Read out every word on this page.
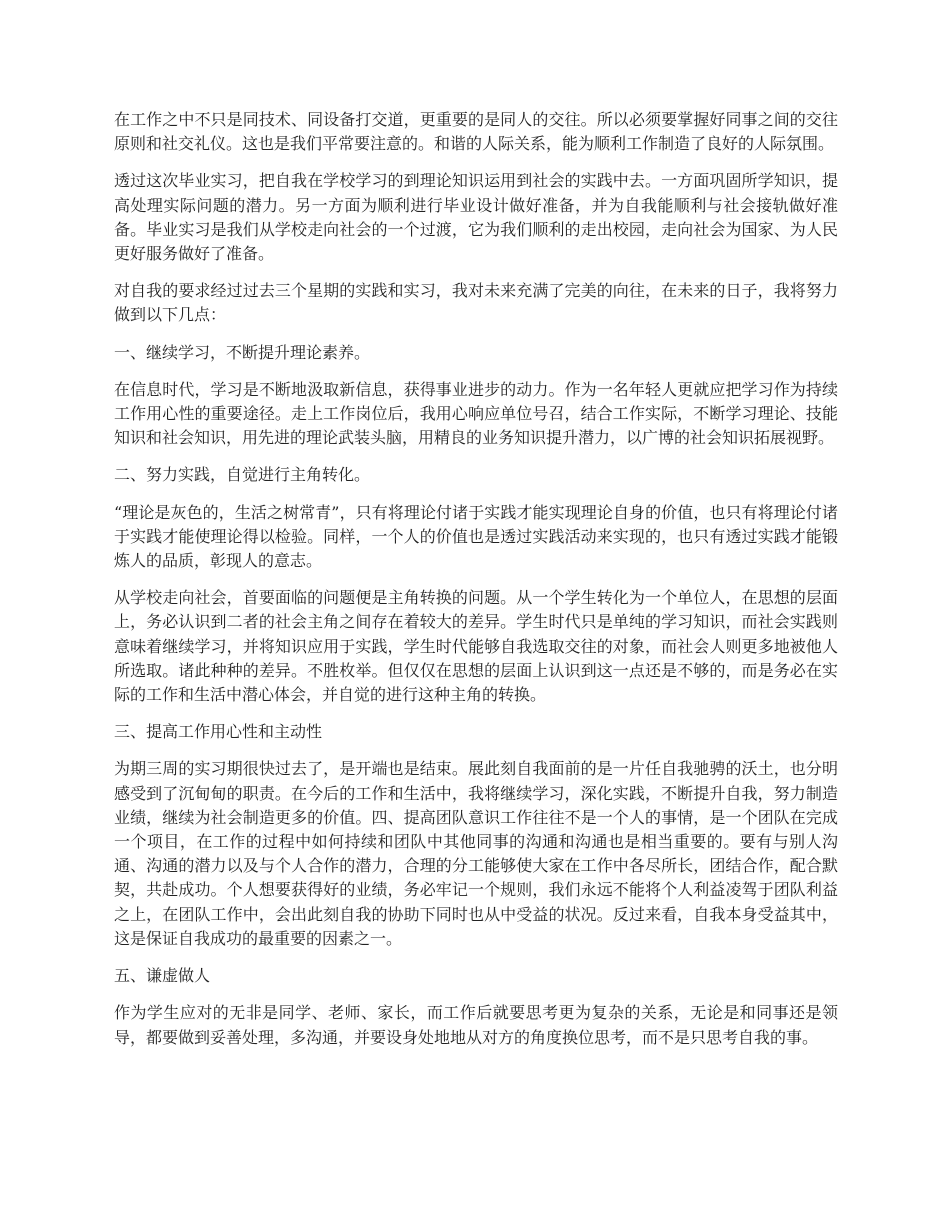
在工作之中不只是同技术、同设备打交道，更重要的是同人的交往。所以必须要掌握好同事之间的交往原则和社交礼仪。这也是我们平常要注意的。和谐的人际关系，能为顺利工作制造了良好的人际氛围。

透过这次毕业实习，把自我在学校学习的到理论知识运用到社会的实践中去。一方面巩固所学知识，提高处理实际问题的潜力。另一方面为顺利进行毕业设计做好准备，并为自我能顺利与社会接轨做好准备。毕业实习是我们从学校走向社会的一个过渡，它为我们顺利的走出校园，走向社会为国家、为人民更好服务做好了准备。

对自我的要求经过过去三个星期的实践和实习，我对未来充满了完美的向往，在未来的日子，我将努力做到以下几点：

一、继续学习，不断提升理论素养。

在信息时代，学习是不断地汲取新信息，获得事业进步的动力。作为一名年轻人更就应把学习作为持续工作用心性的重要途径。走上工作岗位后，我用心响应单位号召，结合工作实际，不断学习理论、技能知识和社会知识，用先进的理论武装头脑，用精良的业务知识提升潜力，以广博的社会知识拓展视野。

二、努力实践，自觉进行主角转化。

“理论是灰色的，生活之树常青”，只有将理论付诸于实践才能实现理论自身的价值，也只有将理论付诸于实践才能使理论得以检验。同样，一个人的价值也是透过实践活动来实现的，也只有透过实践才能锻炼人的品质，彰现人的意志。

从学校走向社会，首要面临的问题便是主角转换的问题。从一个学生转化为一个单位人，在思想的层面上，务必认识到二者的社会主角之间存在着较大的差异。学生时代只是单纯的学习知识，而社会实践则意味着继续学习，并将知识应用于实践，学生时代能够自我选取交往的对象，而社会人则更多地被他人所选取。诸此种种的差异。不胜枚举。但仅仅在思想的层面上认识到这一点还是不够的，而是务必在实际的工作和生活中潜心体会，并自觉的进行这种主角的转换。

三、提高工作用心性和主动性

为期三周的实习期很快过去了，是开端也是结束。展此刻自我面前的是一片任自我驰骋的沃土，也分明感受到了沉甸甸的职责。在今后的工作和生活中，我将继续学习，深化实践，不断提升自我，努力制造业绩，继续为社会制造更多的价值。四、提高团队意识工作往往不是一个人的事情，是一个团队在完成一个项目，在工作的过程中如何持续和团队中其他同事的沟通和沟通也是相当重要的。要有与别人沟通、沟通的潜力以及与个人合作的潜力，合理的分工能够使大家在工作中各尽所长，团结合作，配合默契，共赴成功。个人想要获得好的业绩，务必牢记一个规则，我们永远不能将个人利益凌驾于团队利益之上，在团队工作中，会出此刻自我的协助下同时也从中受益的状况。反过来看，自我本身受益其中，这是保证自我成功的最重要的因素之一。

五、谦虚做人

作为学生应对的无非是同学、老师、家长，而工作后就要思考更为复杂的关系，无论是和同事还是领导，都要做到妥善处理，多沟通，并要设身处地地从对方的角度换位思考，而不是只思考自我的事。
